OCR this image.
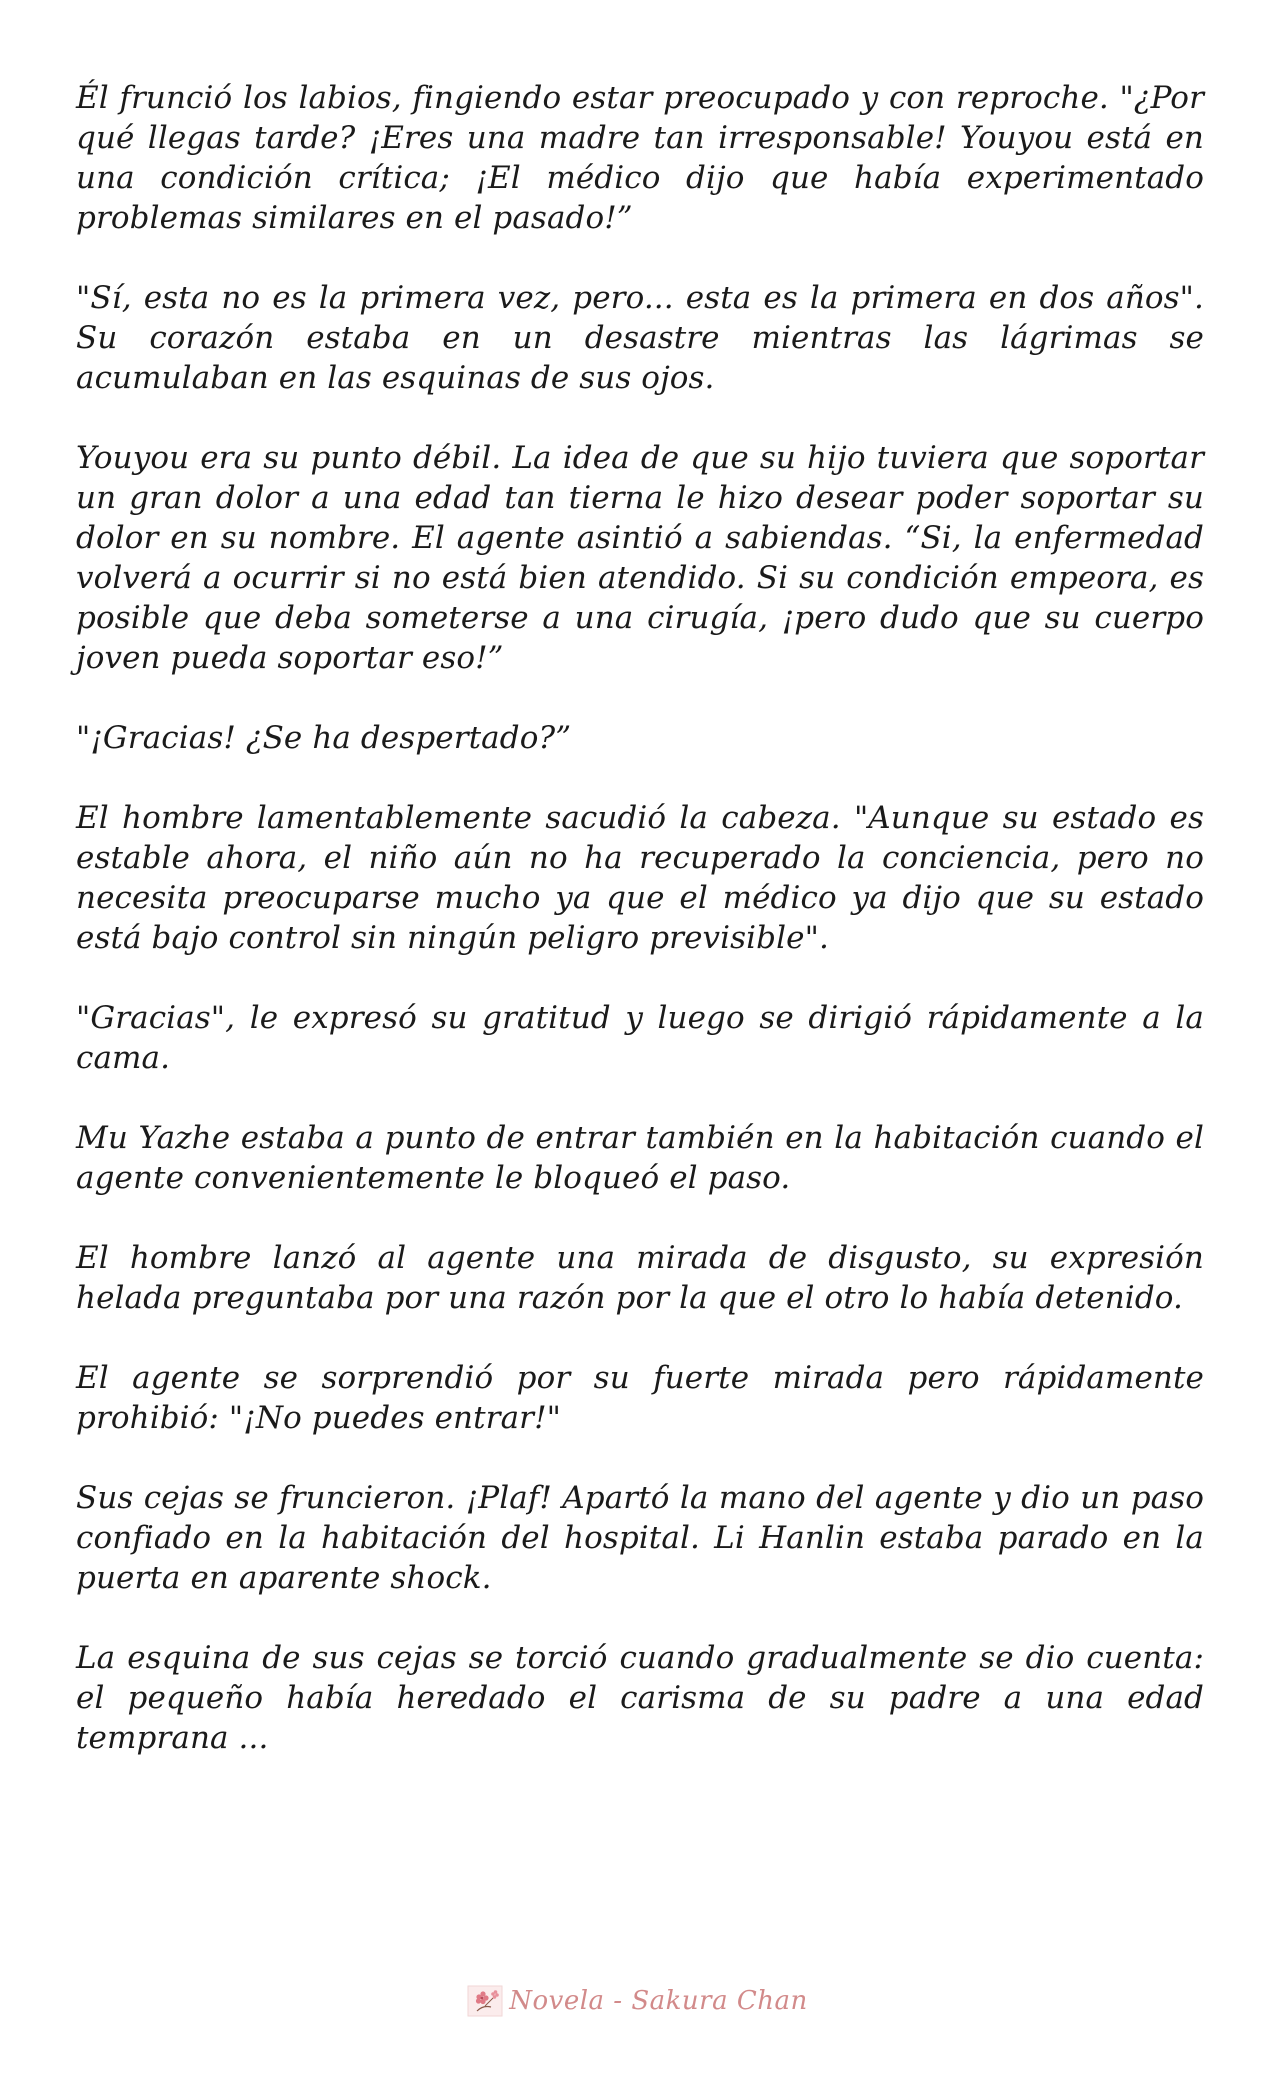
Él frunció los labios, fingiendo estar preocupado y con reproche. "¿Por qué llegas tarde? ¡Eres una madre tan irresponsable! Youyou está en una condición crítica; ¡El médico dijo que había experimentado problemas similares en el pasado!”

"Sí, esta no es la primera vez, pero... esta es la primera en dos años". Su corazón estaba en un desastre mientras las lágrimas se acumulaban en las esquinas de sus ojos.

Youyou era su punto débil. La idea de que su hijo tuviera que soportar un gran dolor a una edad tan tierna le hizo desear poder soportar su dolor en su nombre. El agente asintió a sabiendas. “Si, la enfermedad volverá a ocurrir si no está bien atendido. Si su condición empeora, es posible que deba someterse a una cirugía, ¡pero dudo que su cuerpo joven pueda soportar eso!”

"¡Gracias! ¿Se ha despertado?”

El hombre lamentablemente sacudió la cabeza. "Aunque su estado es estable ahora, el niño aún no ha recuperado la conciencia, pero no necesita preocuparse mucho ya que el médico ya dijo que su estado está bajo control sin ningún peligro previsible".

"Gracias", le expresó su gratitud y luego se dirigió rápidamente a la cama.

Mu Yazhe estaba a punto de entrar también en la habitación cuando el agente convenientemente le bloqueó el paso.

El hombre lanzó al agente una mirada de disgusto, su expresión helada preguntaba por una razón por la que el otro lo había detenido.

El agente se sorprendió por su fuerte mirada pero rápidamente prohibió: "¡No puedes entrar!"

Sus cejas se fruncieron. ¡Plaf! Apartó la mano del agente y dio un paso confiado en la habitación del hospital. Li Hanlin estaba parado en la puerta en aparente shock.

La esquina de sus cejas se torció cuando gradualmente se dio cuenta: el pequeño había heredado el carisma de su padre a una edad temprana ...

Novela - Sakura Chan
